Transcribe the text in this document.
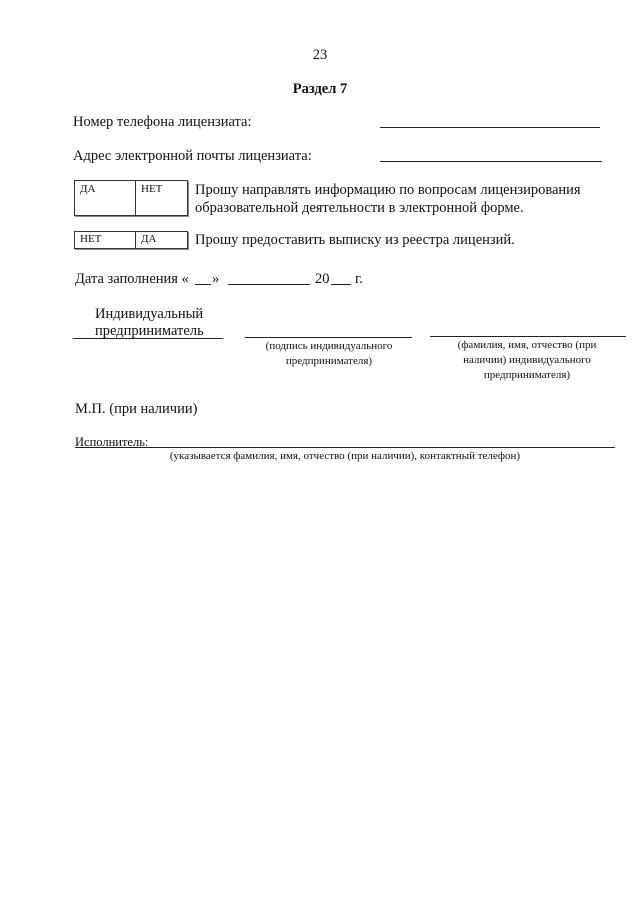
23
Раздел 7
Номер телефона лицензиата:
Адрес электронной почты лицензиата:
ДА	НЕТ	Прошу направлять информацию по вопросам лицензирования образовательной деятельности в электронной форме.
НЕТ	ДА	Прошу предоставить выписку из реестра лицензий.
Дата заполнения « »	20 г.
Индивидуальный
предприниматель
(подпись индивидуального предпринимателя)
(фамилия, имя, отчество (при наличии) индивидуального предпринимателя)
М.П. (при наличии)
Исполнитель:
(указывается фамилия, имя, отчество (при наличии), контактный телефон)
